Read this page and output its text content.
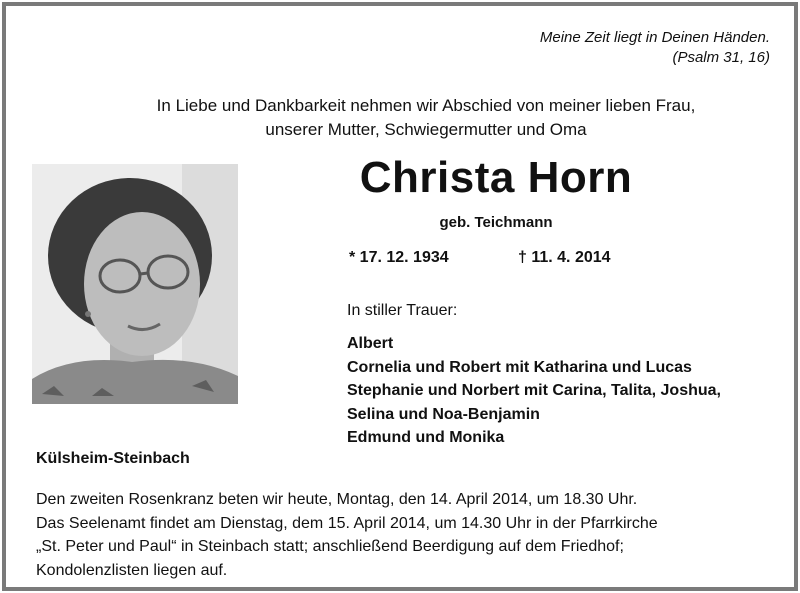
Meine Zeit liegt in Deinen Händen.
(Psalm 31, 16)
In Liebe und Dankbarkeit nehmen wir Abschied von meiner lieben Frau,
unserer Mutter, Schwiegermutter und Oma
Christa Horn
geb. Teichmann
* 17. 12. 1934	† 11. 4. 2014
In stiller Trauer:
Albert
Cornelia und Robert mit Katharina und Lucas
Stephanie und Norbert mit Carina, Talita, Joshua,
Selina und Noa-Benjamin
Edmund und Monika
Külsheim-Steinbach
Den zweiten Rosenkranz beten wir heute, Montag, den 14. April 2014, um 18.30 Uhr.
Das Seelenamt findet am Dienstag, dem 15. April 2014, um 14.30 Uhr in der Pfarrkirche
„St. Peter und Paul“ in Steinbach statt; anschließend Beerdigung auf dem Friedhof;
Kondolenzlisten liegen auf.
